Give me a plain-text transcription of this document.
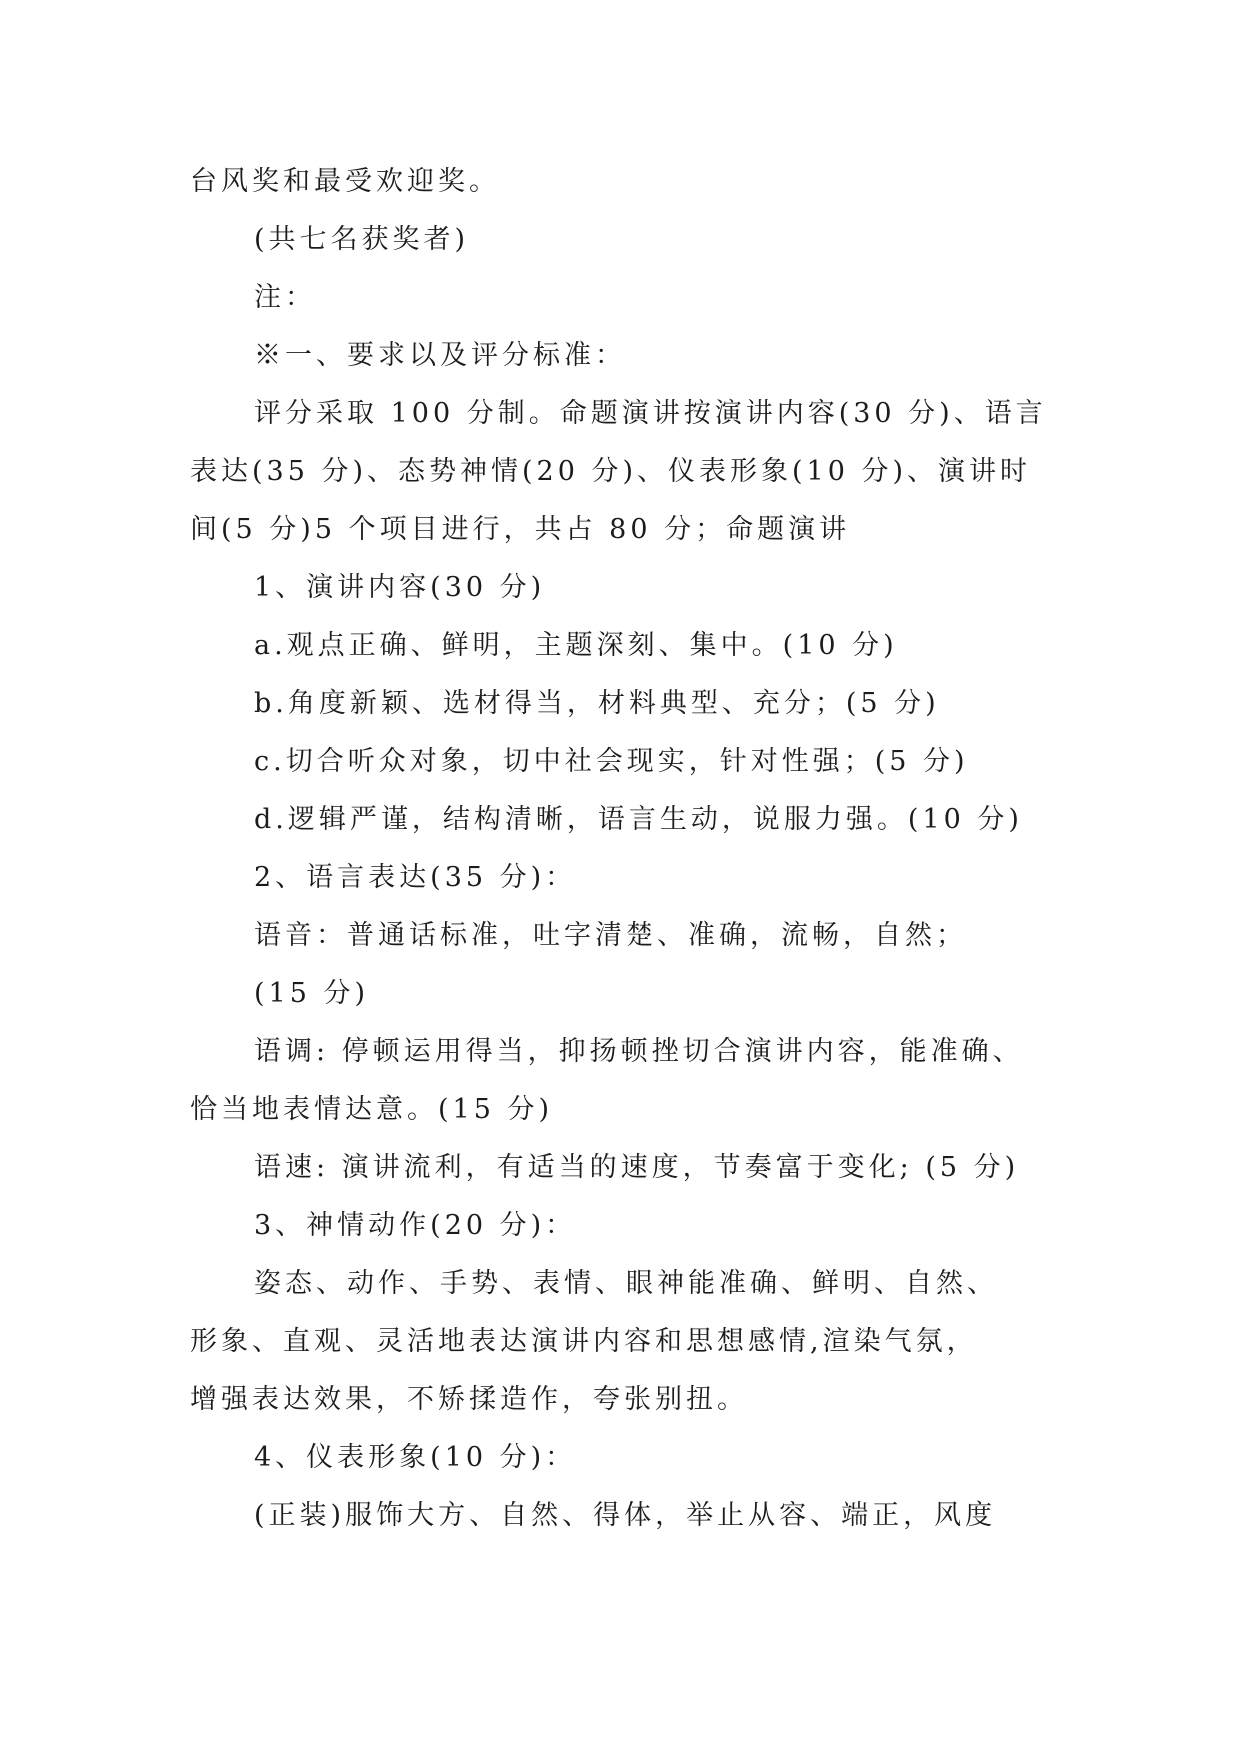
台风奖和最受欢迎奖。
(共七名获奖者)
注：
※一、要求以及评分标准：
评分采取 100 分制。命题演讲按演讲内容(30 分)、语言
表达(35 分)、态势神情(20 分)、仪表形象(10 分)、演讲时
间(5 分)5 个项目进行，共占 80 分；命题演讲
1、演讲内容(30 分)
a.观点正确、鲜明，主题深刻、集中。(10 分)
b.角度新颖、选材得当，材料典型、充分；(5 分)
c.切合听众对象，切中社会现实，针对性强；(5 分)
d.逻辑严谨，结构清晰，语言生动，说服力强。(10 分)
2、语言表达(35 分)：
语音：普通话标准，吐字清楚、准确，流畅，自然；
(15 分)
语调: 停顿运用得当，抑扬顿挫切合演讲内容，能准确、
恰当地表情达意。(15 分)
语速: 演讲流利，有适当的速度，节奏富于变化; (5 分)
3、神情动作(20 分)：
姿态、动作、手势、表情、眼神能准确、鲜明、自然、
形象、直观、灵活地表达演讲内容和思想感情,渲染气氛，
增强表达效果，不矫揉造作，夸张别扭。
4、仪表形象(10 分)：
(正装)服饰大方、自然、得体，举止从容、端正，风度
